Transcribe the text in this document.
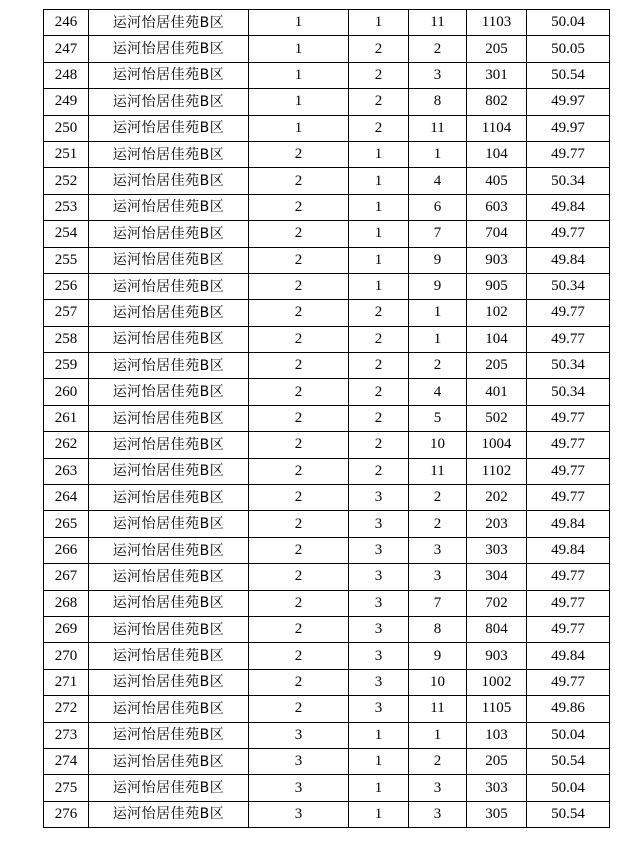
246	运河怡居佳苑B区	1	1	11	1103	50.04
247	运河怡居佳苑B区	1	2	2	205	50.05
248	运河怡居佳苑B区	1	2	3	301	50.54
249	运河怡居佳苑B区	1	2	8	802	49.97
250	运河怡居佳苑B区	1	2	11	1104	49.97
251	运河怡居佳苑B区	2	1	1	104	49.77
252	运河怡居佳苑B区	2	1	4	405	50.34
253	运河怡居佳苑B区	2	1	6	603	49.84
254	运河怡居佳苑B区	2	1	7	704	49.77
255	运河怡居佳苑B区	2	1	9	903	49.84
256	运河怡居佳苑B区	2	1	9	905	50.34
257	运河怡居佳苑B区	2	2	1	102	49.77
258	运河怡居佳苑B区	2	2	1	104	49.77
259	运河怡居佳苑B区	2	2	2	205	50.34
260	运河怡居佳苑B区	2	2	4	401	50.34
261	运河怡居佳苑B区	2	2	5	502	49.77
262	运河怡居佳苑B区	2	2	10	1004	49.77
263	运河怡居佳苑B区	2	2	11	1102	49.77
264	运河怡居佳苑B区	2	3	2	202	49.77
265	运河怡居佳苑B区	2	3	2	203	49.84
266	运河怡居佳苑B区	2	3	3	303	49.84
267	运河怡居佳苑B区	2	3	3	304	49.77
268	运河怡居佳苑B区	2	3	7	702	49.77
269	运河怡居佳苑B区	2	3	8	804	49.77
270	运河怡居佳苑B区	2	3	9	903	49.84
271	运河怡居佳苑B区	2	3	10	1002	49.77
272	运河怡居佳苑B区	2	3	11	1105	49.86
273	运河怡居佳苑B区	3	1	1	103	50.04
274	运河怡居佳苑B区	3	1	2	205	50.54
275	运河怡居佳苑B区	3	1	3	303	50.04
276	运河怡居佳苑B区	3	1	3	305	50.54
